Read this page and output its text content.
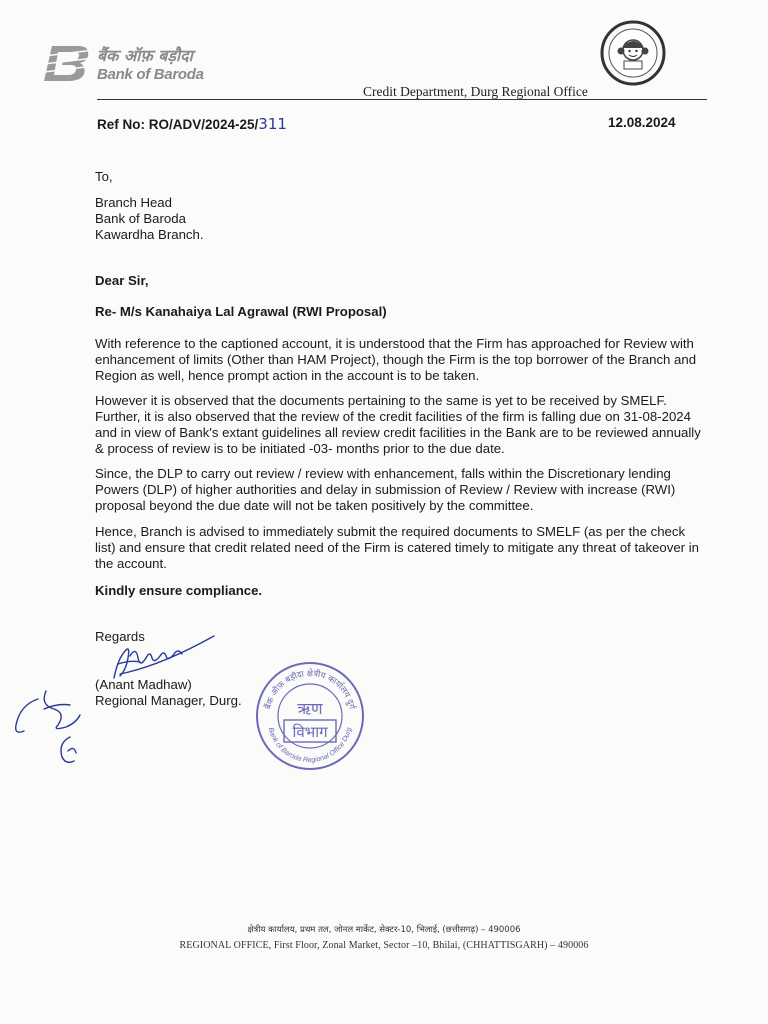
बैंक ऑफ़ बड़ौदा
Bank of Baroda
Credit Department, Durg Regional Office
Ref No: RO/ADV/2024-25/311	12.08.2024
To,
Branch Head
Bank of Baroda
Kawardha Branch.
Dear Sir,
Re- M/s Kanahaiya Lal Agrawal (RWI Proposal)
With reference to the captioned account, it is understood that the Firm has approached for Review with enhancement of limits (Other than HAM Project), though the Firm is the top borrower of the Branch and Region as well, hence prompt action in the account is to be taken.
However it is observed that the documents pertaining to the same is yet to be received by SMELF. Further, it is also observed that the review of the credit facilities of the firm is falling due on 31-08-2024 and in view of Bank's extant guidelines all review credit facilities in the Bank are to be reviewed annually & process of review is to be initiated -03- months prior to the due date.
Since, the DLP to carry out review / review with enhancement, falls within the Discretionary lending Powers (DLP) of higher authorities and delay in submission of Review / Review with increase (RWI) proposal beyond the due date will not be taken positively by the committee.
Hence, Branch is advised to immediately submit the required documents to SMELF (as per the check list) and ensure that credit related need of the Firm is catered timely to mitigate any threat of takeover in the account.
Kindly ensure compliance.
Regards
(Anant Madhaw)
Regional Manager, Durg.	बैंक ऑफ़ बड़ौदा क्षेत्रीय कार्यालय दुर्ग
Bank of Baroda Regional Office Durg
ऋण
विभाग
क्षेत्रीय कार्यालय, प्रथम तल, जोनल मार्केट, सेक्टर-10, भिलाई, (छत्तीसगढ़) – 490006
REGIONAL OFFICE, First Floor, Zonal Market, Sector –10, Bhilai, (CHHATTISGARH) – 490006
